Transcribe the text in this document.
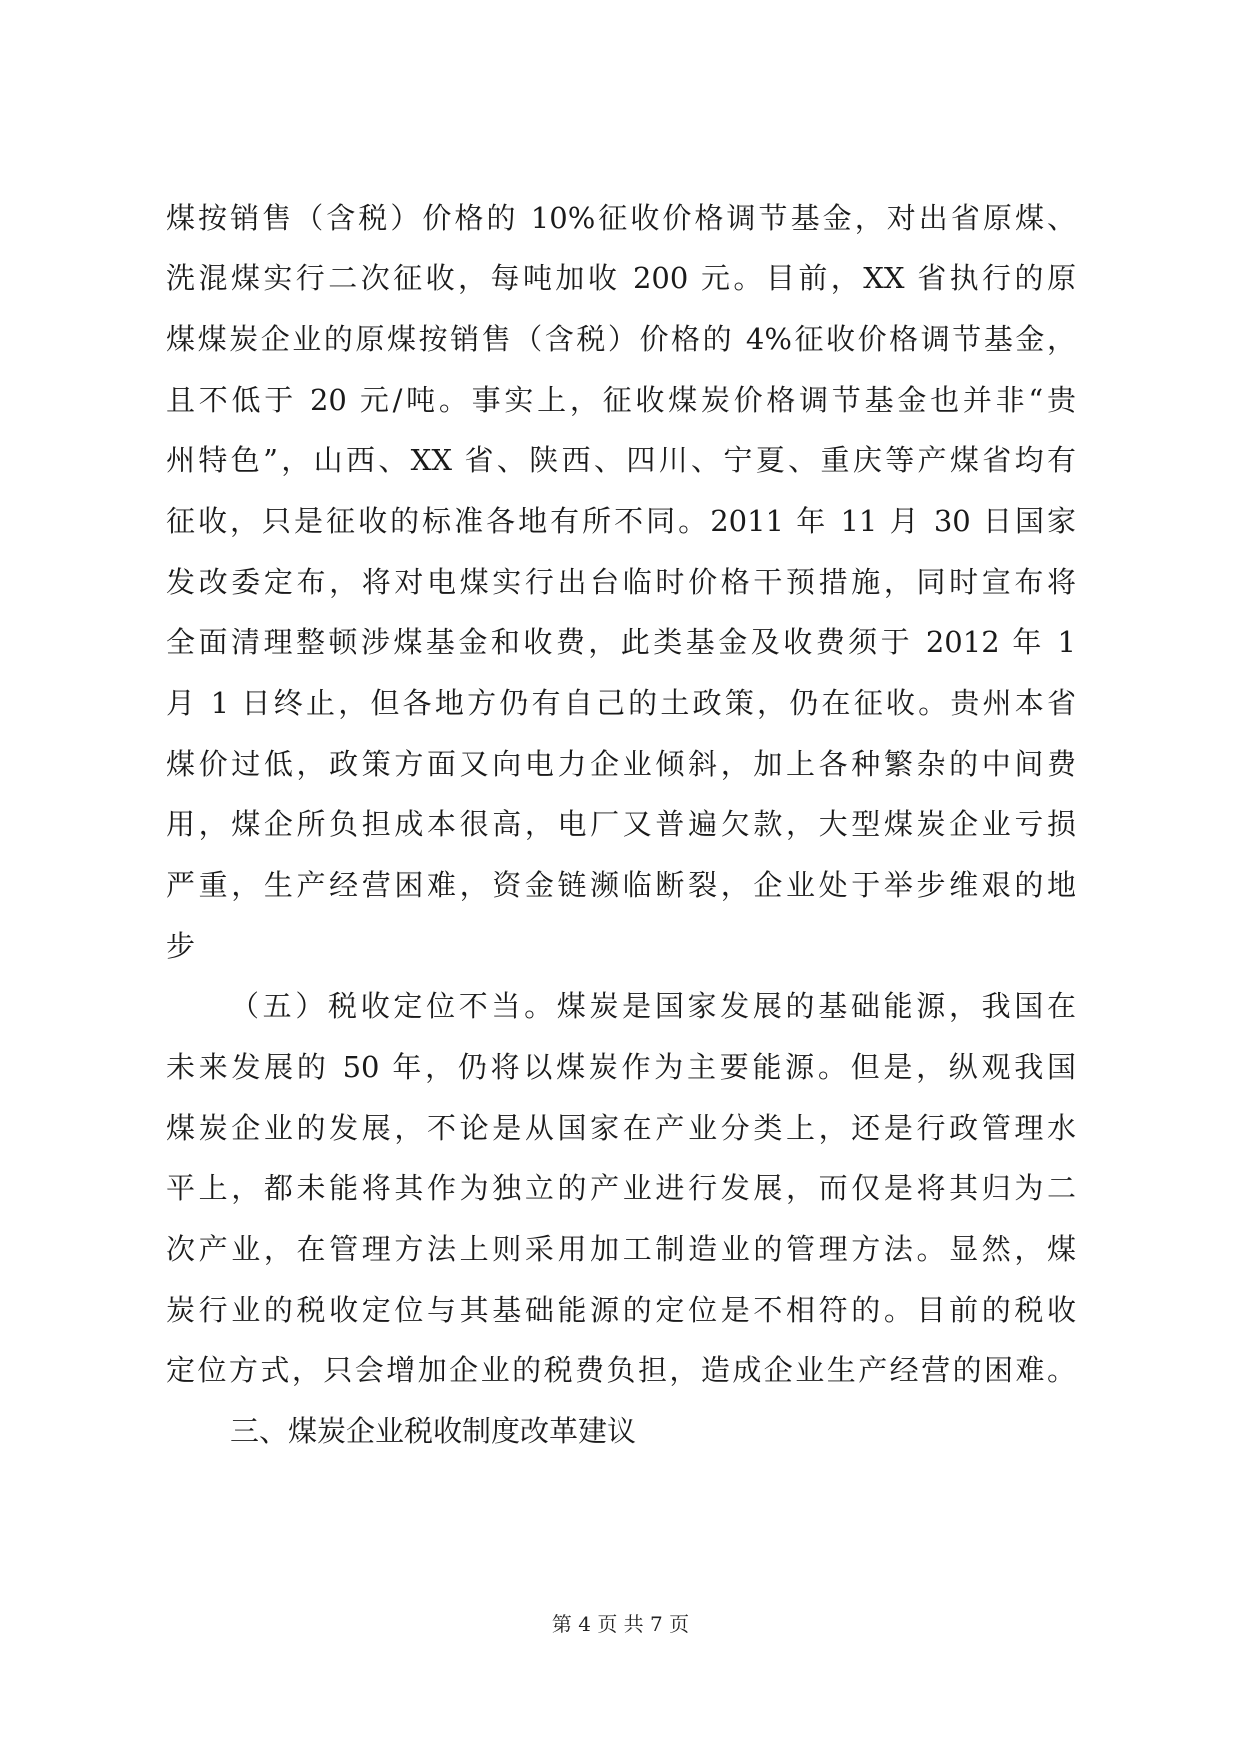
煤按销售（含税）价格的 10%征收价格调节基金，对出省原煤、
洗混煤实行二次征收，每吨加收 200 元。目前，XX 省执行的原
煤煤炭企业的原煤按销售（含税）价格的 4%征收价格调节基金，
且不低于 20 元/吨。事实上，征收煤炭价格调节基金也并非“贵
州特色”，山西、XX 省、陕西、四川、宁夏、重庆等产煤省均有
征收，只是征收的标准各地有所不同。2011 年 11 月 30 日国家
发改委定布，将对电煤实行出台临时价格干预措施，同时宣布将
全面清理整顿涉煤基金和收费，此类基金及收费须于 2012 年 1
月 1 日终止，但各地方仍有自己的土政策，仍在征收。贵州本省
煤价过低，政策方面又向电力企业倾斜，加上各种繁杂的中间费
用，煤企所负担成本很高，电厂又普遍欠款，大型煤炭企业亏损
严重，生产经营困难，资金链濒临断裂，企业处于举步维艰的地
步
（五）税收定位不当。煤炭是国家发展的基础能源，我国在
未来发展的 50 年，仍将以煤炭作为主要能源。但是，纵观我国
煤炭企业的发展，不论是从国家在产业分类上，还是行政管理水
平上，都未能将其作为独立的产业进行发展，而仅是将其归为二
次产业，在管理方法上则采用加工制造业的管理方法。显然，煤
炭行业的税收定位与其基础能源的定位是不相符的。目前的税收
定位方式，只会增加企业的税费负担，造成企业生产经营的困难。
三、煤炭企业税收制度改革建议
第 4 页 共 7 页
